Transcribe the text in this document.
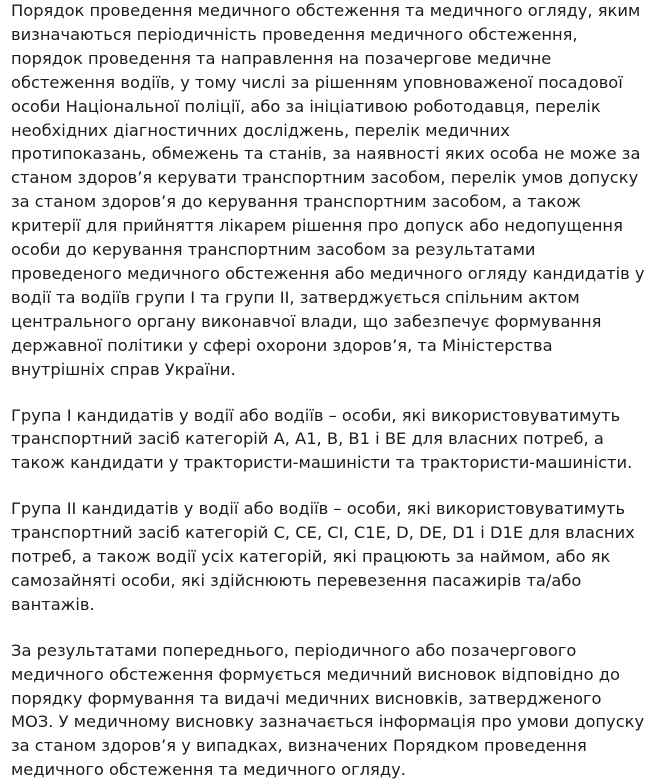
Порядок проведення медичного обстеження та медичного огляду, яким визначаються періодичність проведення медичного обстеження, порядок проведення та направлення на позачергове медичне обстеження водіїв, у тому числі за рішенням уповноваженої посадової особи Національної поліції, або за ініціативою роботодавця, перелік необхідних діагностичних досліджень, перелік медичних протипоказань, обмежень та станів, за наявності яких особа не може за станом здоров’я керувати транспортним засобом, перелік умов допуску за станом здоров’я до керування транспортним засобом, а також критерії для прийняття лікарем рішення про допуск або недопущення особи до керування транспортним засобом за результатами проведеного медичного обстеження або медичного огляду кандидатів у водії та водіїв групи I та групи II, затверджується спільним актом центрального органу виконавчої влади, що забезпечує формування державної політики у сфері охорони здоров’я, та Міністерства внутрішніх справ України.

Група I кандидатів у водії або водіїв – особи, які використовуватимуть транспортний засіб категорій A, A1, B, B1 і BE для власних потреб, а також кандидати у трактористи-машиністи та трактористи-машиністи.

Група II кандидатів у водії або водіїв – особи, які використовуватимуть транспортний засіб категорій C, CE, CI, C1E, D, DE, D1 і D1E для власних потреб, а також водії усіх категорій, які працюють за наймом, або як самозайняті особи, які здійснюють перевезення пасажирів та/або вантажів.

За результатами попереднього, періодичного або позачергового медичного обстеження формується медичний висновок відповідно до порядку формування та видачі медичних висновків, затвердженого МОЗ. У медичному висновку зазначається інформація про умови допуску за станом здоров’я у випадках, визначених Порядком проведення медичного обстеження та медичного огляду.
